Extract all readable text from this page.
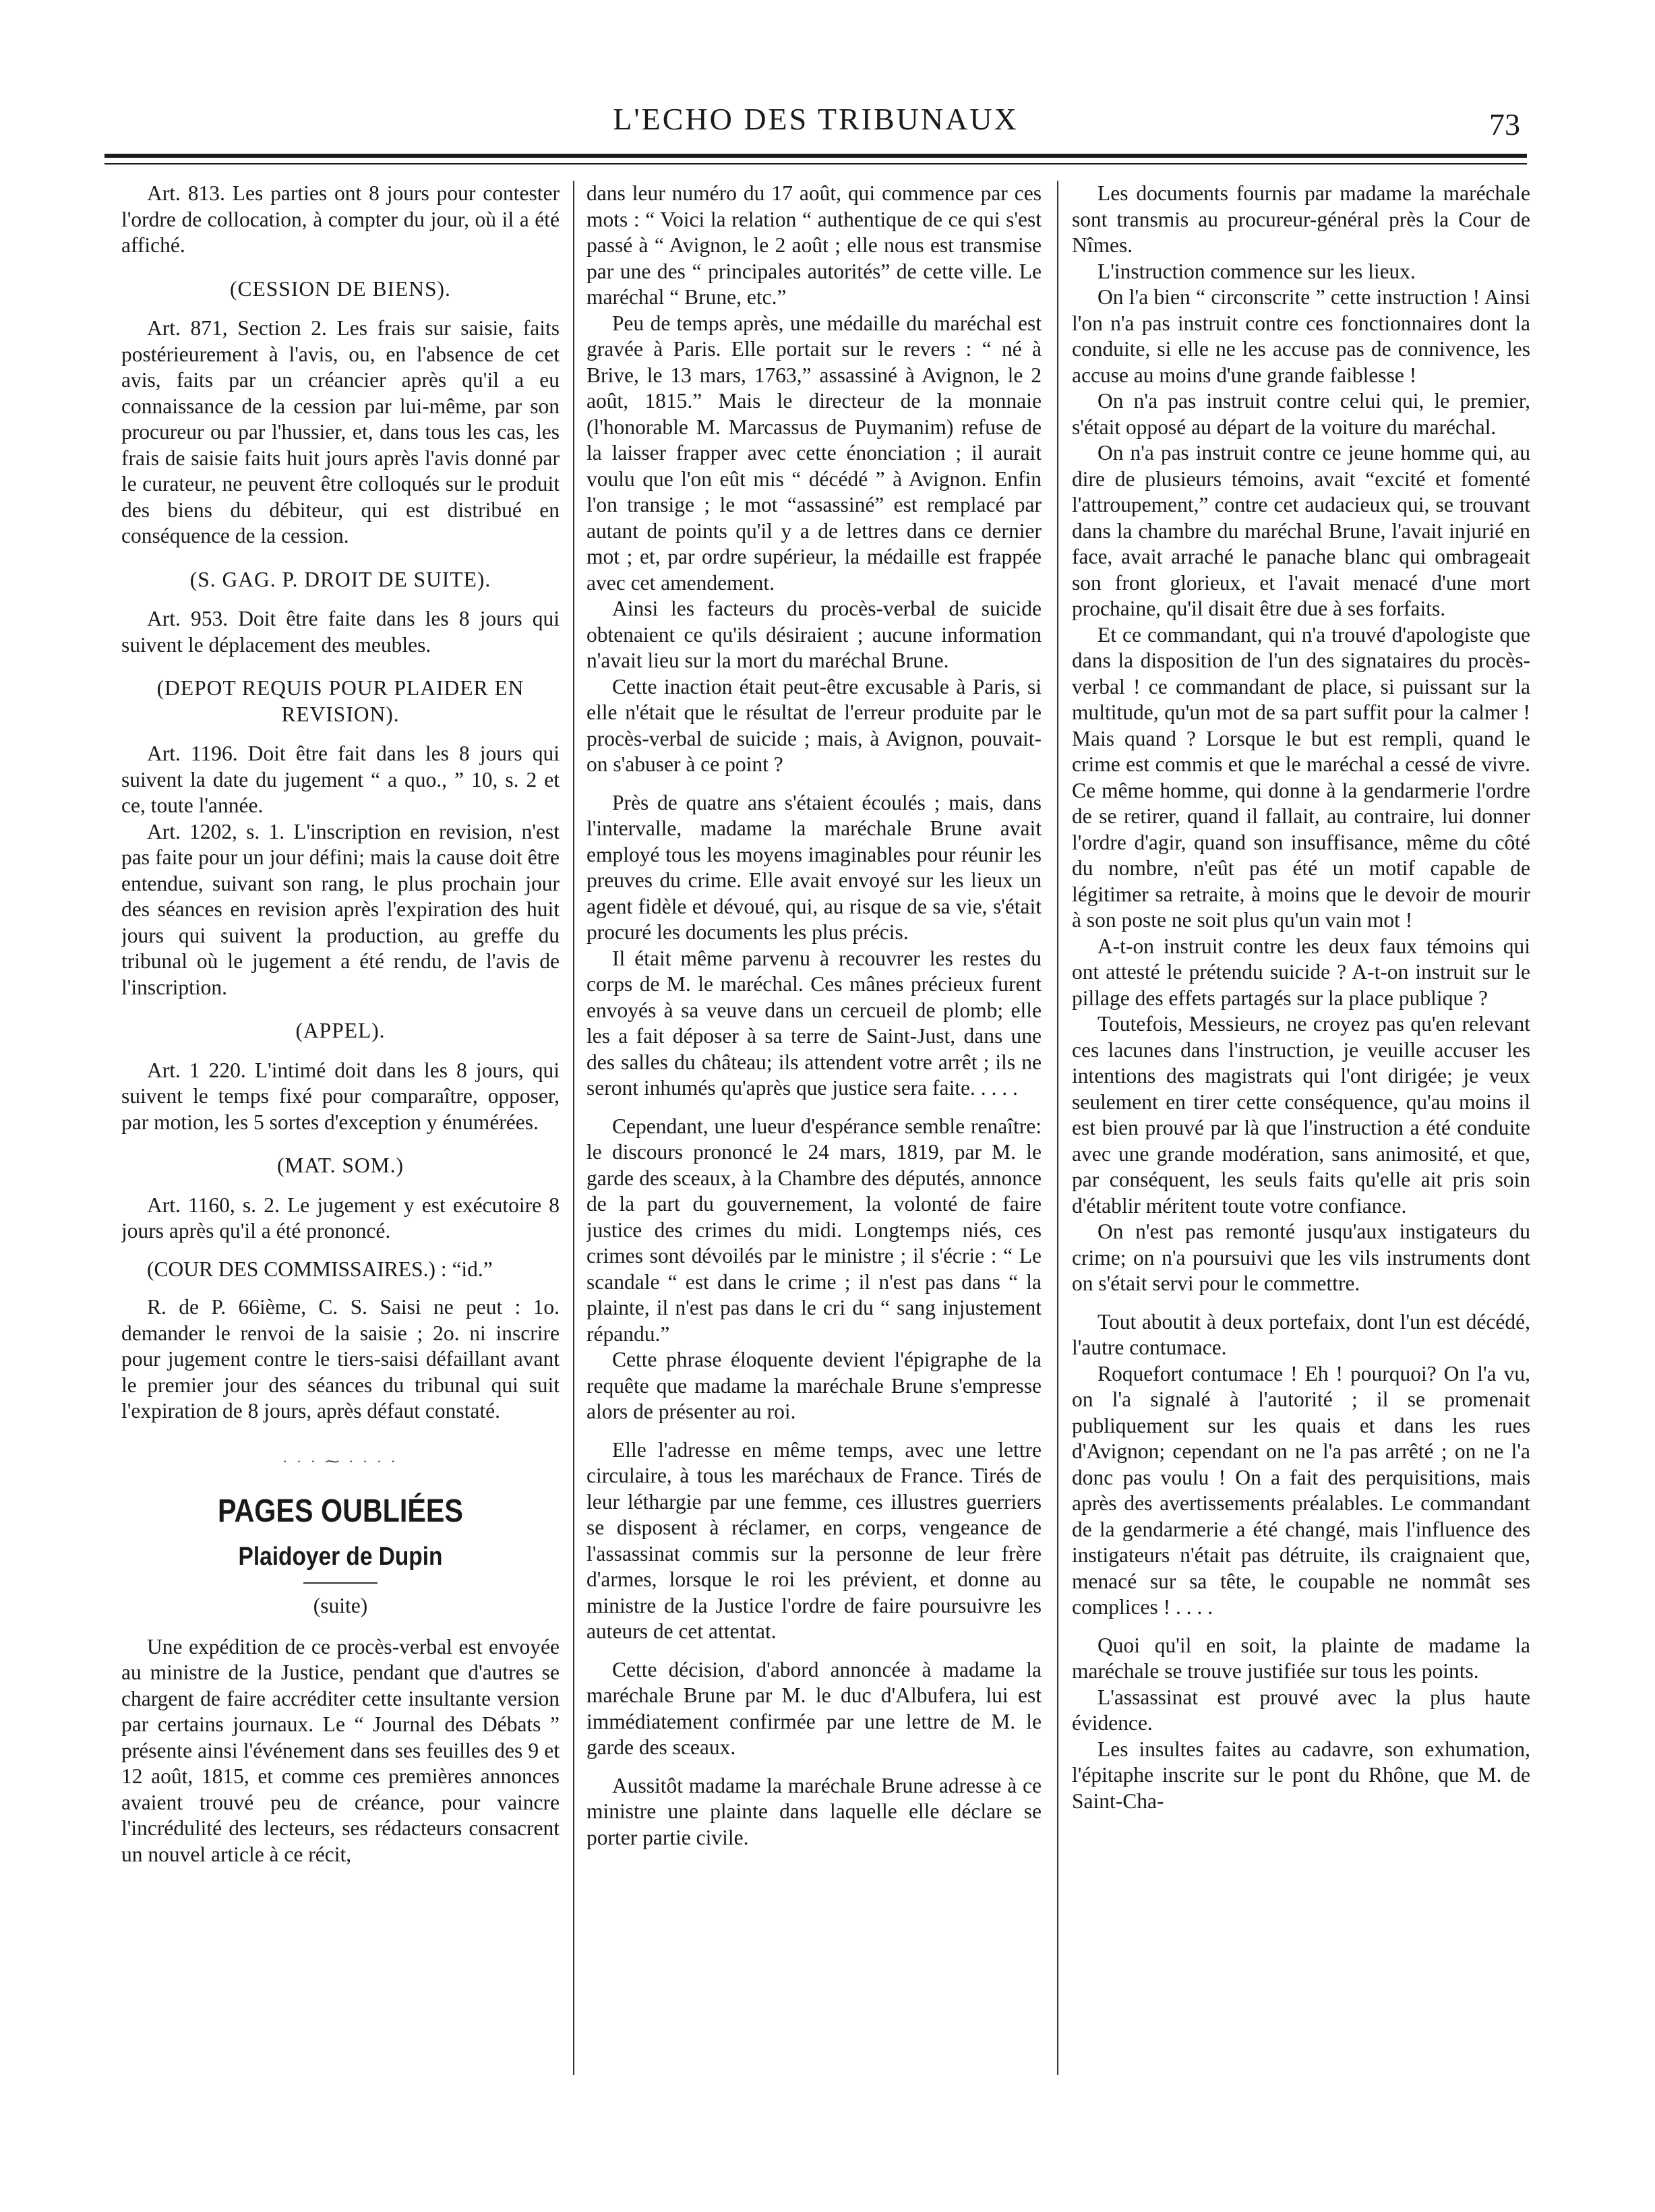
L'ECHO DES TRIBUNAUX	73

Art. 813. Les parties ont 8 jours pour contester l'ordre de collocation, à compter du jour, où il a été affiché.

(CESSION DE BIENS).

Art. 871, Section 2. Les frais sur saisie, faits postérieurement à l'avis, ou, en l'absence de cet avis, faits par un créancier après qu'il a eu connaissance de la cession par lui-même, par son procureur ou par l'hussier, et, dans tous les cas, les frais de saisie faits huit jours après l'avis donné par le curateur, ne peuvent être colloqués sur le produit des biens du débiteur, qui est distribué en conséquence de la cession.

(S. GAG. P. DROIT DE SUITE).

Art. 953. Doit être faite dans les 8 jours qui suivent le déplacement des meubles.

(DEPOT REQUIS POUR PLAIDER EN REVISION).

Art. 1196. Doit être fait dans les 8 jours qui suivent la date du jugement “ a quo., ” 10, s. 2 et ce, toute l'année.

Art. 1202, s. 1. L'inscription en revision, n'est pas faite pour un jour défini; mais la cause doit être entendue, suivant son rang, le plus prochain jour des séances en revision après l'expiration des huit jours qui suivent la production, au greffe du tribunal où le jugement a été rendu, de l'avis de l'inscription.

(APPEL).

Art. 1 220. L'intimé doit dans les 8 jours, qui suivent le temps fixé pour comparaître, opposer, par motion, les 5 sortes d'exception y énumérées.

(MAT. SOM.)

Art. 1160, s. 2. Le jugement y est exécutoire 8 jours après qu'il a été prononcé.

(COUR DES COMMISSAIRES.) : “id.”

R. de P. 66ième, C. S. Saisi ne peut : 1o. demander le renvoi de la saisie ; 2o. ni inscrire pour jugement contre le tiers-saisi défaillant avant le premier jour des séances du tribunal qui suit l'expiration de 8 jours, après défaut constaté.

· · · ⁓ · · · ·
PAGES OUBLIÉES
Plaidoyer de Dupin
(suite)

Une expédition de ce procès-verbal est envoyée au ministre de la Justice, pendant que d'autres se chargent de faire accréditer cette insultante version par certains journaux. Le “ Journal des Débats ” présente ainsi l'événement dans ses feuilles des 9 et 12 août, 1815, et comme ces premières annonces avaient trouvé peu de créance, pour vaincre l'incrédulité des lecteurs, ses rédacteurs consacrent un nouvel article à ce récit,

dans leur numéro du 17 août, qui commence par ces mots : “ Voici la relation “ authentique de ce qui s'est passé à “ Avignon, le 2 août ; elle nous est transmise par une des “ principales autorités” de cette ville. Le maréchal “ Brune, etc.”

Peu de temps après, une médaille du maréchal est gravée à Paris. Elle portait sur le revers : “ né à Brive, le 13 mars, 1763,” assassiné à Avignon, le 2 août, 1815.” Mais le directeur de la monnaie (l'honorable M. Marcassus de Puymanim) refuse de la laisser frapper avec cette énonciation ; il aurait voulu que l'on eût mis “ décédé ” à Avignon. Enfin l'on transige ; le mot “assassiné” est remplacé par autant de points qu'il y a de lettres dans ce dernier mot ; et, par ordre supérieur, la médaille est frappée avec cet amendement.

Ainsi les facteurs du procès-verbal de suicide obtenaient ce qu'ils désiraient ; aucune information n'avait lieu sur la mort du maréchal Brune.

Cette inaction était peut-être excusable à Paris, si elle n'était que le résultat de l'erreur produite par le procès-verbal de suicide ; mais, à Avignon, pouvait-on s'abuser à ce point ?

Près de quatre ans s'étaient écoulés ; mais, dans l'intervalle, madame la maréchale Brune avait employé tous les moyens imaginables pour réunir les preuves du crime. Elle avait envoyé sur les lieux un agent fidèle et dévoué, qui, au risque de sa vie, s'était procuré les documents les plus précis.

Il était même parvenu à recouvrer les restes du corps de M. le maréchal. Ces mânes précieux furent envoyés à sa veuve dans un cercueil de plomb; elle les a fait déposer à sa terre de Saint-Just, dans une des salles du château; ils attendent votre arrêt ; ils ne seront inhumés qu'après que justice sera faite. . . . .

Cependant, une lueur d'espérance semble renaître: le discours prononcé le 24 mars, 1819, par M. le garde des sceaux, à la Chambre des députés, annonce de la part du gouvernement, la volonté de faire justice des crimes du midi. Longtemps niés, ces crimes sont dévoilés par le ministre ; il s'écrie : “ Le scandale “ est dans le crime ; il n'est pas dans “ la plainte, il n'est pas dans le cri du “ sang injustement répandu.”

Cette phrase éloquente devient l'épigraphe de la requête que madame la maréchale Brune s'empresse alors de présenter au roi.

Elle l'adresse en même temps, avec une lettre circulaire, à tous les maréchaux de France. Tirés de leur léthargie par une femme, ces illustres guerriers se disposent à réclamer, en corps, vengeance de l'assassinat commis sur la personne de leur frère d'armes, lorsque le roi les prévient, et donne au ministre de la Justice l'ordre de faire poursuivre les auteurs de cet attentat.

Cette décision, d'abord annoncée à madame la maréchale Brune par M. le duc d'Albufera, lui est immédiatement confirmée par une lettre de M. le garde des sceaux.

Aussitôt madame la maréchale Brune adresse à ce ministre une plainte dans laquelle elle déclare se porter partie civile.

Les documents fournis par madame la maréchale sont transmis au procureur-général près la Cour de Nîmes.

L'instruction commence sur les lieux.

On l'a bien “ circonscrite ” cette instruction ! Ainsi l'on n'a pas instruit contre ces fonctionnaires dont la conduite, si elle ne les accuse pas de connivence, les accuse au moins d'une grande faiblesse !

On n'a pas instruit contre celui qui, le premier, s'était opposé au départ de la voiture du maréchal.

On n'a pas instruit contre ce jeune homme qui, au dire de plusieurs témoins, avait “excité et fomenté l'attroupement,” contre cet audacieux qui, se trouvant dans la chambre du maréchal Brune, l'avait injurié en face, avait arraché le panache blanc qui ombrageait son front glorieux, et l'avait menacé d'une mort prochaine, qu'il disait être due à ses forfaits.

Et ce commandant, qui n'a trouvé d'apologiste que dans la disposition de l'un des signataires du procès-verbal ! ce commandant de place, si puissant sur la multitude, qu'un mot de sa part suffit pour la calmer ! Mais quand ? Lorsque le but est rempli, quand le crime est commis et que le maréchal a cessé de vivre. Ce même homme, qui donne à la gendarmerie l'ordre de se retirer, quand il fallait, au contraire, lui donner l'ordre d'agir, quand son insuffisance, même du côté du nombre, n'eût pas été un motif capable de légitimer sa retraite, à moins que le devoir de mourir à son poste ne soit plus qu'un vain mot !

A-t-on instruit contre les deux faux témoins qui ont attesté le prétendu suicide ? A-t-on instruit sur le pillage des effets partagés sur la place publique ?

Toutefois, Messieurs, ne croyez pas qu'en relevant ces lacunes dans l'instruction, je veuille accuser les intentions des magistrats qui l'ont dirigée; je veux seulement en tirer cette conséquence, qu'au moins il est bien prouvé par là que l'instruction a été conduite avec une grande modération, sans animosité, et que, par conséquent, les seuls faits qu'elle ait pris soin d'établir méritent toute votre confiance.

On n'est pas remonté jusqu'aux instigateurs du crime; on n'a poursuivi que les vils instruments dont on s'était servi pour le commettre.

Tout aboutit à deux portefaix, dont l'un est décédé, l'autre contumace.

Roquefort contumace ! Eh ! pourquoi? On l'a vu, on l'a signalé à l'autorité ; il se promenait publiquement sur les quais et dans les rues d'Avignon; cependant on ne l'a pas arrêté ; on ne l'a donc pas voulu ! On a fait des perquisitions, mais après des avertissements préalables. Le commandant de la gendarmerie a été changé, mais l'influence des instigateurs n'était pas détruite, ils craignaient que, menacé sur sa tête, le coupable ne nommât ses complices ! . . . .

Quoi qu'il en soit, la plainte de madame la maréchale se trouve justifiée sur tous les points.

L'assassinat est prouvé avec la plus haute évidence.

Les insultes faites au cadavre, son exhumation, l'épitaphe inscrite sur le pont du Rhône, que M. de Saint-Cha-
